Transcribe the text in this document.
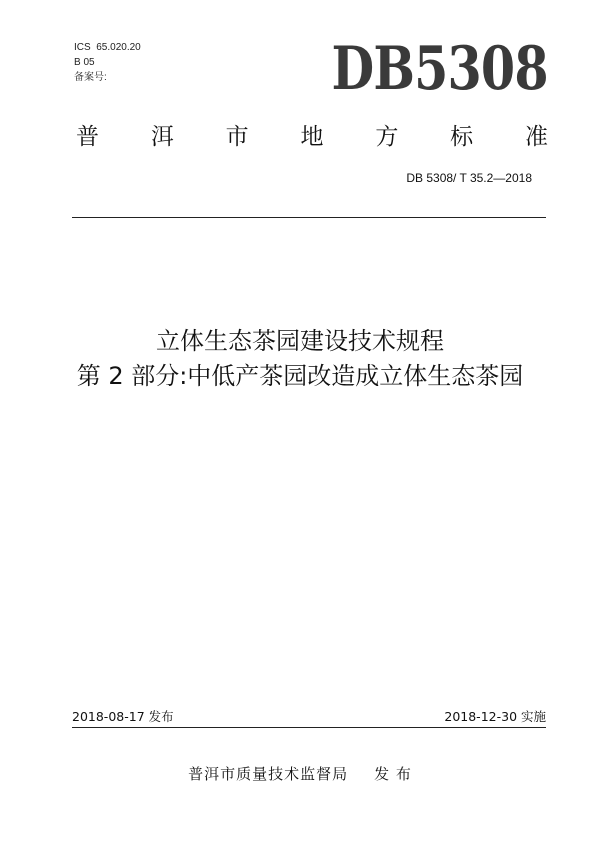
ICS  65.020.20
B 05
备案号:	DB5308
普 洱 市 地 方 标 准
DB 5308/ T 35.2—2018
立体生态茶园建设技术规程
第 2 部分:中低产茶园改造成立体生态茶园
2018-08-17 发布	2018-12-30 实施
普洱市质量技术监督局 发 布
